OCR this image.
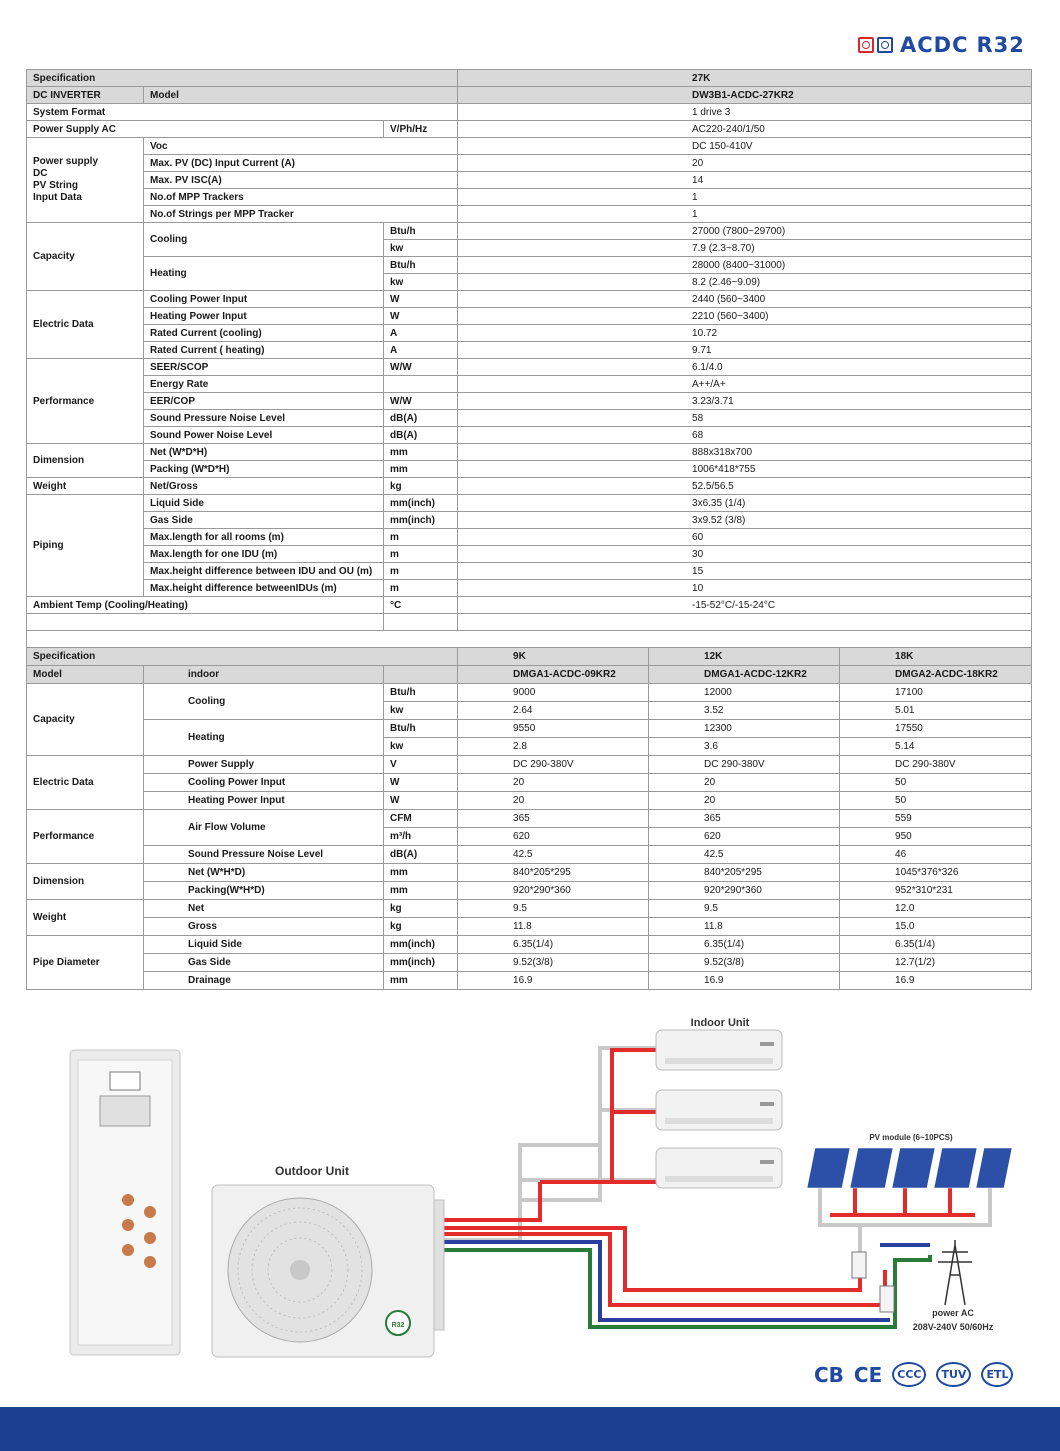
ACDC R32
Specification			27K
DC INVERTER	Model		DW3B1-ACDC-27KR2
System Format			1 drive 3
Power Supply AC		V/Ph/Hz	AC220-240/1/50
Power supply
DC
PV String
Input Data	Voc		DC 150-410V
	Max. PV (DC) Input Current (A)		20
	Max. PV ISC(A)		14
	No.of MPP Trackers		1
	No.of Strings per MPP Tracker		1
Capacity	Cooling	Btu/h	27000 (7800~29700)
		kw	7.9 (2.3~8.70)
	Heating	Btu/h	28000 (8400~31000)
		kw	8.2 (2.46~9.09)
Electric Data	Cooling Power Input	W	2440 (560~3400
	Heating Power Input	W	2210 (560~3400)
	Rated Current (cooling)	A	10.72
	Rated Current ( heating)	A	9.71
Performance	SEER/SCOP	W/W	6.1/4.0
	Energy Rate		A++/A+
	EER/COP	W/W	3.23/3.71
	Sound Pressure Noise Level	dB(A)	58
	Sound Power Noise Level	dB(A)	68
Dimension	Net (W*D*H)	mm	888x318x700
	Packing (W*D*H)	mm	1006*418*755
Weight	Net/Gross	kg	52.5/56.5
Piping	Liquid Side	mm(inch)	3x6.35 (1/4)
	Gas Side	mm(inch)	3x9.52 (3/8)
	Max.length for all rooms (m)	m	60
	Max.length for one IDU (m)	m	30
	Max.height difference between IDU and OU (m)	m	15
	Max.height difference betweenIDUs (m)	m	10
Ambient Temp (Cooling/Heating)		°C	-15-52°C/-15-24°C

Specification			9K	12K	18K
Model	indoor		DMGA1-ACDC-09KR2	DMGA1-ACDC-12KR2	DMGA2-ACDC-18KR2
Capacity	Cooling	Btu/h	9000	12000	17100
		kw	2.64	3.52	5.01
	Heating	Btu/h	9550	12300	17550
		kw	2.8	3.6	5.14
Electric Data	Power Supply	V	DC 290-380V	DC 290-380V	DC 290-380V
	Cooling Power Input	W	20	20	50
	Heating Power Input	W	20	20	50
Performance	Air Flow Volume	CFM	365	365	559
		m³/h	620	620	950
	Sound Pressure Noise Level	dB(A)	42.5	42.5	46
Dimension	Net (W*H*D)	mm	840*205*295	840*205*295	1045*376*326
	Packing(W*H*D)	mm	920*290*360	920*290*360	952*310*231
Weight	Net	kg	9.5	9.5	12.0
	Gross	kg	11.8	11.8	15.0
Pipe Diameter	Liquid Side	mm(inch)	6.35(1/4)	6.35(1/4)	6.35(1/4)
	Gas Side	mm(inch)	9.52(3/8)	9.52(3/8)	12.7(1/2)
	Drainage	mm	16.9	16.9	16.9
Indoor Unit
Outdoor Unit
R32
PV module (6~10PCS)
power AC
208V-240V 50/60Hz
CB CE	CCC	TUV	ETL
